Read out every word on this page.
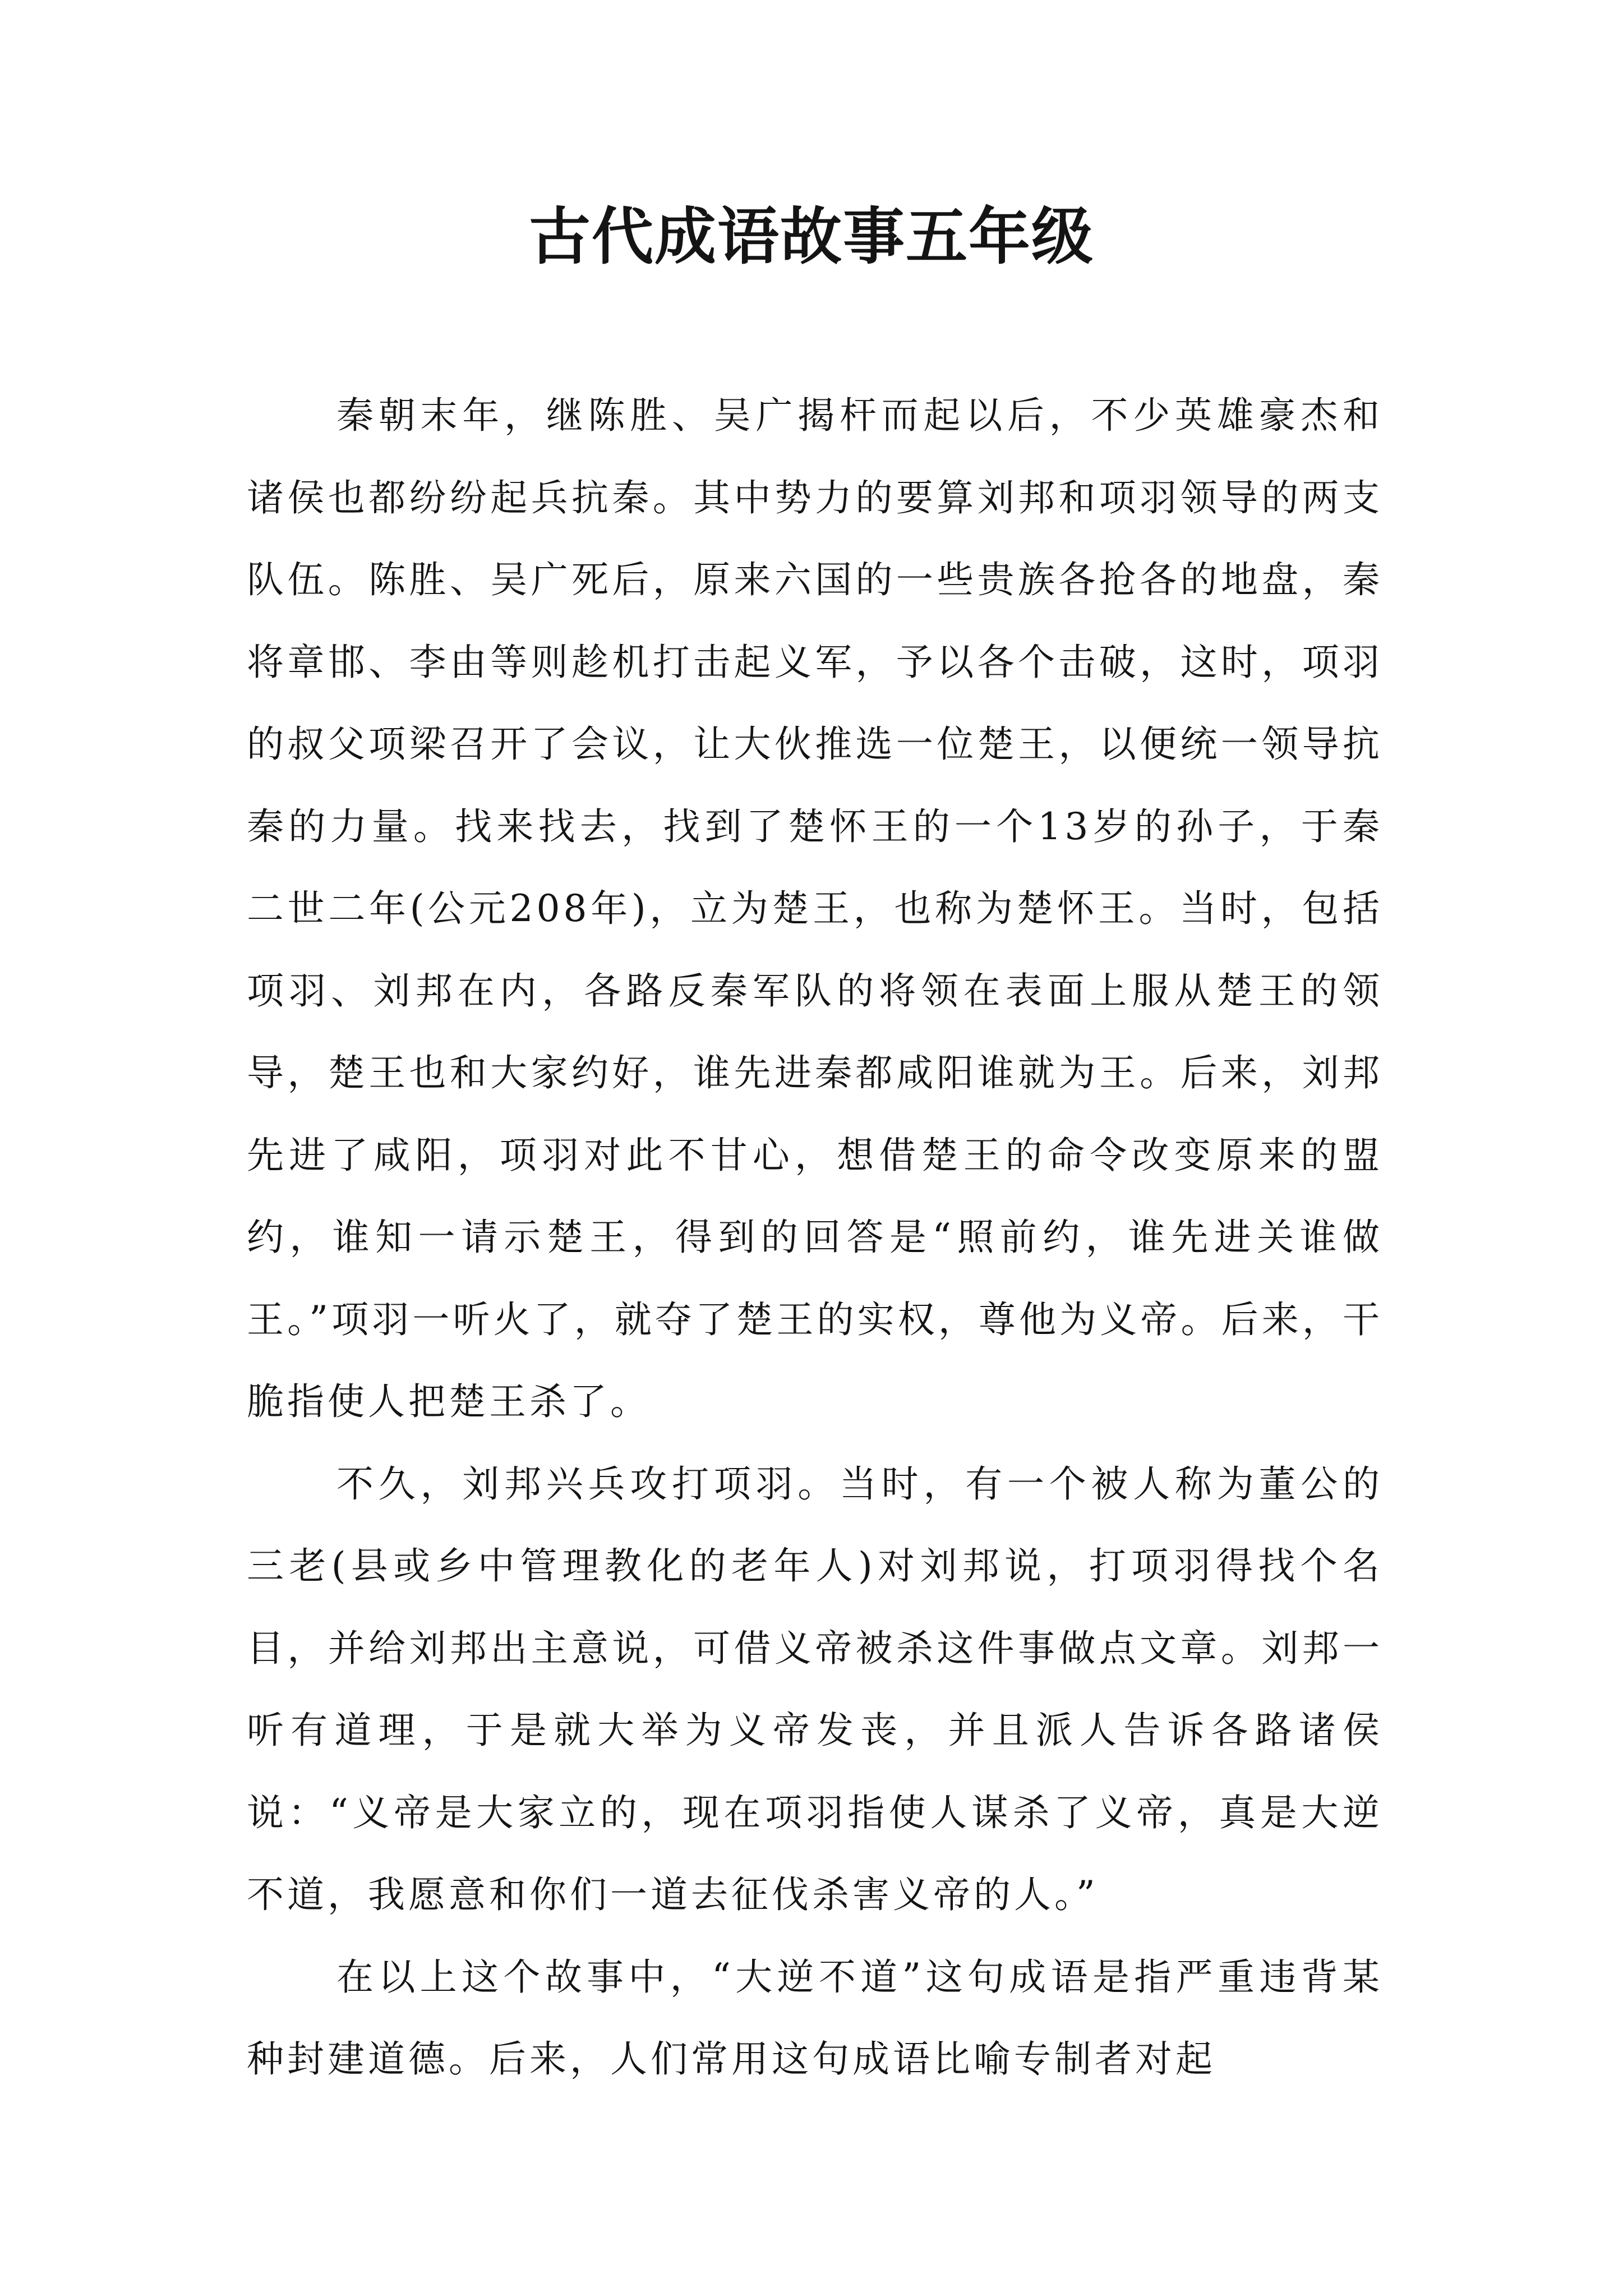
古代成语故事五年级

秦朝末年，继陈胜、吴广揭杆而起以后，不少英雄豪杰和诸侯也都纷纷起兵抗秦。其中势力的要算刘邦和项羽领导的两支队伍。陈胜、吴广死后，原来六国的一些贵族各抢各的地盘，秦将章邯、李由等则趁机打击起义军，予以各个击破，这时，项羽的叔父项梁召开了会议，让大伙推选一位楚王，以便统一领导抗秦的力量。找来找去，找到了楚怀王的一个13岁的孙子，于秦二世二年(公元208年)，立为楚王，也称为楚怀王。当时，包括项羽、刘邦在内，各路反秦军队的将领在表面上服从楚王的领导，楚王也和大家约好，谁先进秦都咸阳谁就为王。后来，刘邦先进了咸阳，项羽对此不甘心，想借楚王的命令改变原来的盟约，谁知一请示楚王，得到的回答是“照前约，谁先进关谁做王。”项羽一听火了，就夺了楚王的实权，尊他为义帝。后来，干脆指使人把楚王杀了。

不久，刘邦兴兵攻打项羽。当时，有一个被人称为董公的三老(县或乡中管理教化的老年人)对刘邦说，打项羽得找个名目，并给刘邦出主意说，可借义帝被杀这件事做点文章。刘邦一听有道理，于是就大举为义帝发丧，并且派人告诉各路诸侯说：“义帝是大家立的，现在项羽指使人谋杀了义帝，真是大逆不道，我愿意和你们一道去征伐杀害义帝的人。”

在以上这个故事中，“大逆不道”这句成语是指严重违背某种封建道德。后来，人们常用这句成语比喻专制者对起
